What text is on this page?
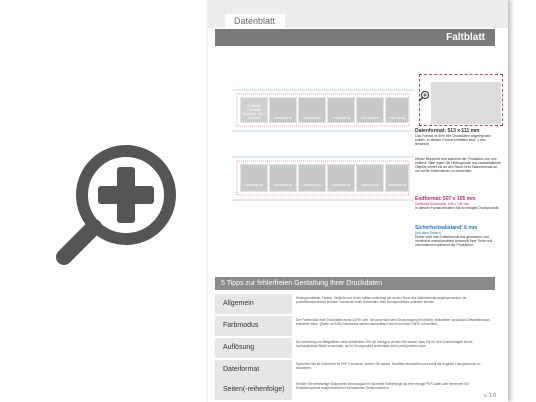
Datenblatt
Faltblatt
Faltblatt Titelseite/ Rückseite 100 x 105 mm	INNENSEITE	INNENSEITE	INNENSEITE	RÜCKSEITE	TITELSEITE
INNENSEITE	INNENSEITE	INNENSEITE	INNENSEITE	INNENSEITE	INNENSEITE
Datenformat: 513 x 111 mm
Das Format, in dem Ihre Druckdaten angelegt sein sollten. In diesem Format enthalten sind: 3 mm Beschnitt.
Dieser Beschnitt wird während der Produktion von uns entfernt. Bitte legen Sie Hintergründe und randabfallende Objekte immer bis an den Rand Ihres Datenformats an, um weiße Seitenränder zu vermeiden.
Endformat: 507 x 105 mm
Gefalztes Endformat: 105 x 105 mm
In diesem Format erhalten Sie Ihr fertiges Druckprodukt.
Sicherheitsabstand: 6 mm
(auf allen Seiten)
Dieser wird vom Datenformat aus gemessen und verhindert unerwünschten Anschnitt Ihrer Texte und Informationen während der Produktion.
5 Tipps zur fehlerfreien Gestaltung Ihrer Druckdaten
Allgemein
Hintergrundbilder, Farben, Verläufe und Linien sollten unbedingt bis an den Rand des Datenformats angelegt werden, da produktionstechnisch kleinere Toleranzen beim Schneiden Ihres Druckproduktes auftreten können.
Farbmodus
Der Farbmodus Ihrer Druckdaten muss CMYK sein, da sonst nach dem Druckvorgang ein (leicht) veränderter, ausdruckt Gesamteindruck entstehen kann. (Daten im RGB-Farbmodus werden automatisch durch uns nach CMYK konvertiert).
Auflösung
Die Auflösung von Bildgrafiken sollte mindestens 300 dpi betragen. Achten Sie darauf, dass Sie für Ihre Druckvorlagen immer hochaufgelöste Bilder verwenden, da Ihr Druckprodukt andernfalls leicht pixelig wirken kann.
Dateiformat
Speichern Sie Ihr Dokument im PDF-Format ab. Achten Sie darauf, Schriften einzubetten und somit als möglicht Transparenzen zu reduzieren.
Seiten(-reihenfolge)
Senden Sie mehrseitige Dokumente chronologisch in korrekter Reihenfolge als eine einzige PDF-Datei oder benennen Sie Einzeldokumente entsprechend mit fortlaufenden Seitennummern.
v. 1.0
